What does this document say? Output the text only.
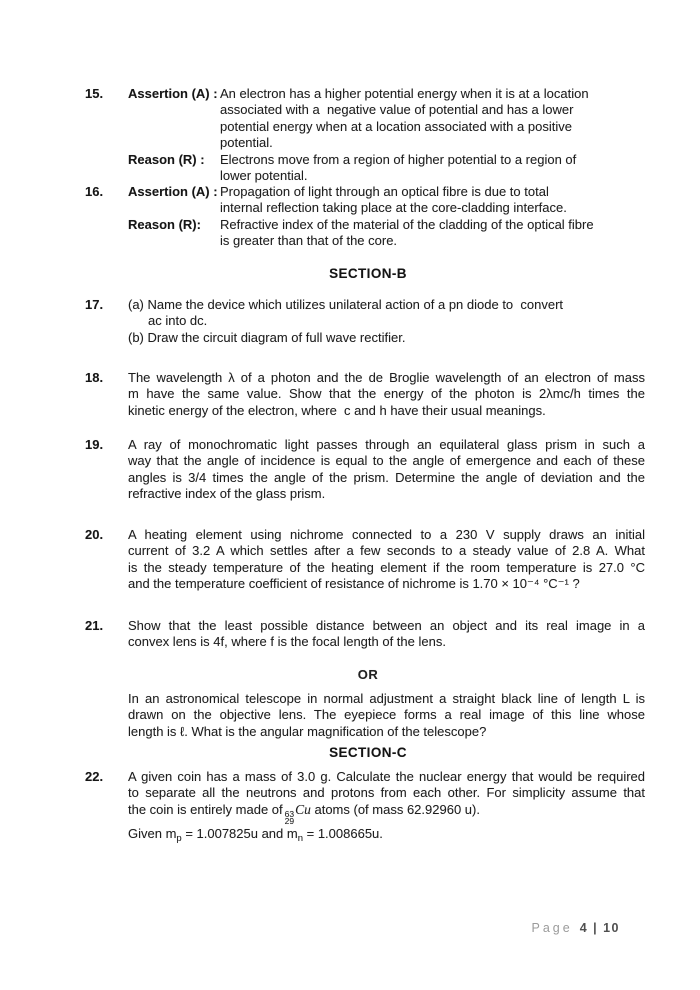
15.	Assertion (A) : An electron has a higher potential energy when it is at a location
associated with a  negative value of potential and has a lower
potential energy when at a location associated with a positive
potential.
Reason (R) :	Electrons move from a region of higher potential to a region of
lower potential.
16.	Assertion (A) : Propagation of light through an optical fibre is due to total
internal reflection taking place at the core-cladding interface.
Reason (R):	Refractive index of the material of the cladding of the optical fibre
is greater than that of the core.
SECTION-B
17.	(a) Name the device which utilizes unilateral action of a pn diode to  convert
ac into dc.
(b) Draw the circuit diagram of full wave rectifier.
18.	The wavelength λ of a photon and the de Broglie wavelength of an electron of mass
m have the same value. Show that the energy of the photon is 2λmc/h times the
kinetic energy of the electron, where  c and h have their usual meanings.
19.	A ray of monochromatic light passes through an equilateral glass prism in such a
way that the angle of incidence is equal to the angle of emergence and each of these
angles is 3/4 times the angle of the prism. Determine the angle of deviation and the
refractive index of the glass prism.
20.	A heating element using nichrome connected to a 230 V supply draws an initial
current of 3.2 A which settles after a few seconds to a steady value of 2.8 A. What
is the steady temperature of the heating element if the room temperature is 27.0 °C
and the temperature coefficient of resistance of nichrome is 1.70 × 10⁻⁴ °C⁻¹ ?
21.	Show that the least possible distance between an object and its real image in a
convex lens is 4f, where f is the focal length of the lens.
OR
In an astronomical telescope in normal adjustment a straight black line of length L is
drawn on the objective lens. The eyepiece forms a real image of this line whose
length is ℓ. What is the angular magnification of the telescope?
SECTION-C
22.	A given coin has a mass of 3.0 g. Calculate the nuclear energy that would be required
to separate all the neutrons and protons from each other. For simplicity assume that
the coin is entirely made of 63
29
Cu atoms (of mass 62.92960 u).
Given $m_p = 1.007825u$ and $m_n = 1.008665u$.
Page 4 | 10
